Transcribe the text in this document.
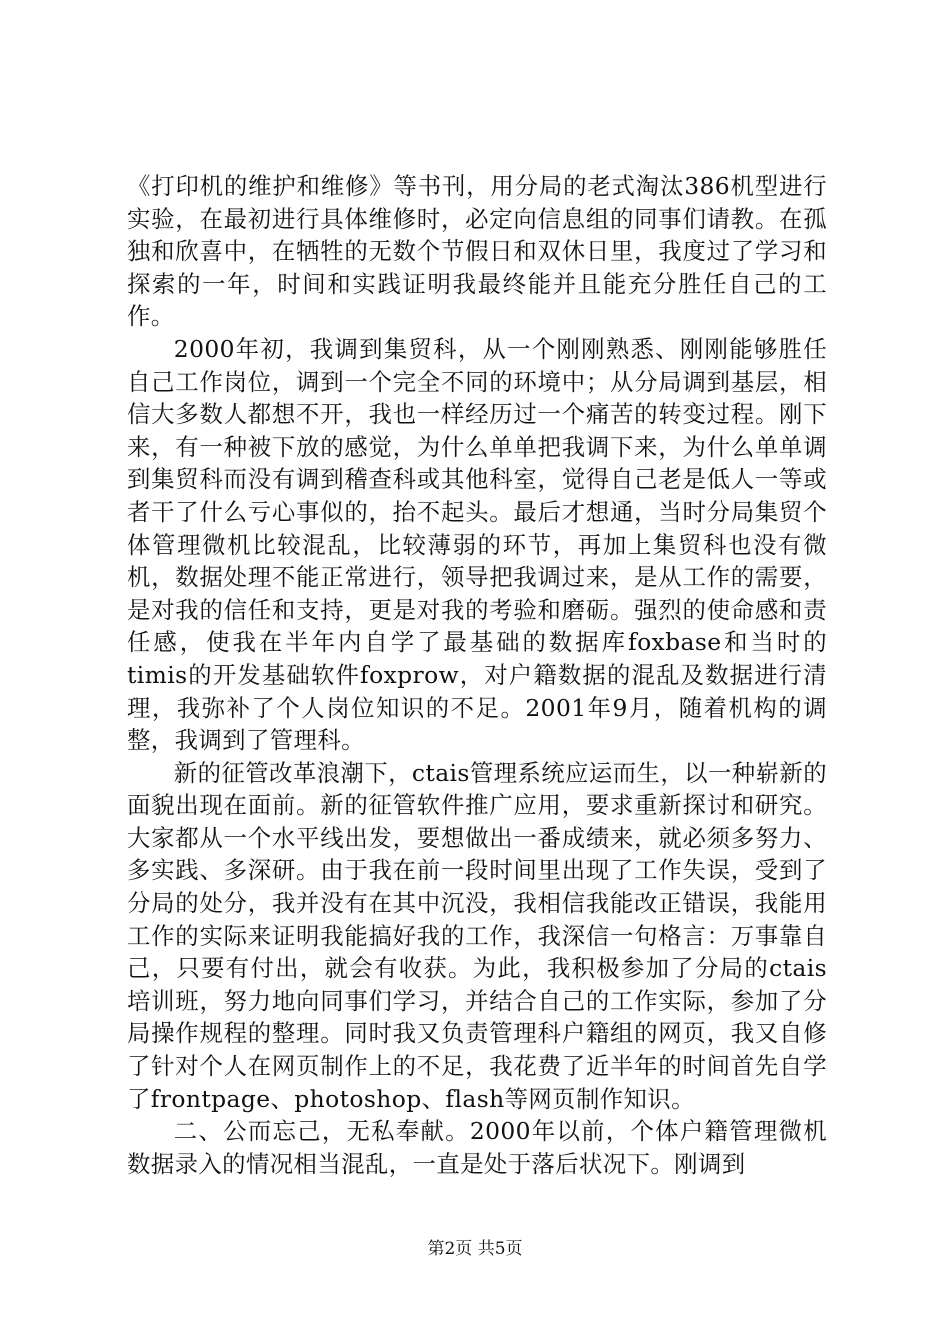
《打印机的维护和维修》等书刊，用分局的老式淘汰386机型进行实验，在最初进行具体维修时，必定向信息组的同事们请教。在孤独和欣喜中，在牺牲的无数个节假日和双休日里，我度过了学习和探索的一年，时间和实践证明我最终能并且能充分胜任自己的工作。

2000年初，我调到集贸科，从一个刚刚熟悉、刚刚能够胜任自己工作岗位，调到一个完全不同的环境中；从分局调到基层，相信大多数人都想不开，我也一样经历过一个痛苦的转变过程。刚下来，有一种被下放的感觉，为什么单单把我调下来，为什么单单调到集贸科而没有调到稽查科或其他科室，觉得自己老是低人一等或者干了什么亏心事似的，抬不起头。最后才想通，当时分局集贸个体管理微机比较混乱，比较薄弱的环节，再加上集贸科也没有微机，数据处理不能正常进行，领导把我调过来，是从工作的需要，是对我的信任和支持，更是对我的考验和磨砺。强烈的使命感和责任感，使我在半年内自学了最基础的数据库foxbase和当时的timis的开发基础软件foxprow，对户籍数据的混乱及数据进行清理，我弥补了个人岗位知识的不足。2001年9月，随着机构的调整，我调到了管理科。

新的征管改革浪潮下，ctais管理系统应运而生，以一种崭新的面貌出现在面前。新的征管软件推广应用，要求重新探讨和研究。大家都从一个水平线出发，要想做出一番成绩来，就必须多努力、多实践、多深研。由于我在前一段时间里出现了工作失误，受到了分局的处分，我并没有在其中沉没，我相信我能改正错误，我能用工作的实际来证明我能搞好我的工作，我深信一句格言：万事靠自己，只要有付出，就会有收获。为此，我积极参加了分局的ctais培训班，努力地向同事们学习，并结合自己的工作实际，参加了分局操作规程的整理。同时我又负责管理科户籍组的网页，我又自修了针对个人在网页制作上的不足，我花费了近半年的时间首先自学了frontpage、photoshop、flash等网页制作知识。

二、公而忘己，无私奉献。2000年以前，个体户籍管理微机数据录入的情况相当混乱，一直是处于落后状况下。刚调到

第2页 共5页
